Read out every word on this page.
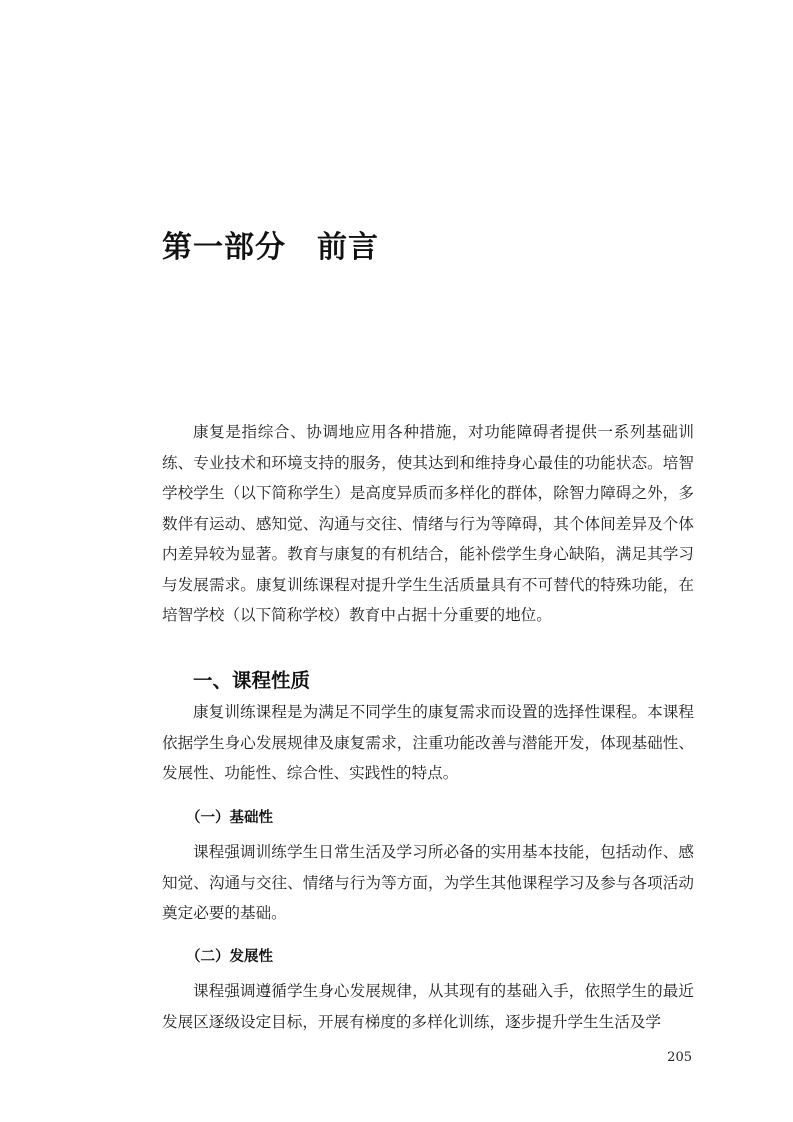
第一部分　前言

康复是指综合、协调地应用各种措施，对功能障碍者提供一系列基础训练、专业技术和环境支持的服务，使其达到和维持身心最佳的功能状态。培智学校学生（以下简称学生）是高度异质而多样化的群体，除智力障碍之外，多数伴有运动、感知觉、沟通与交往、情绪与行为等障碍，其个体间差异及个体内差异较为显著。教育与康复的有机结合，能补偿学生身心缺陷，满足其学习与发展需求。康复训练课程对提升学生生活质量具有不可替代的特殊功能，在培智学校（以下简称学校）教育中占据十分重要的地位。

一、课程性质

康复训练课程是为满足不同学生的康复需求而设置的选择性课程。本课程依据学生身心发展规律及康复需求，注重功能改善与潜能开发，体现基础性、发展性、功能性、综合性、实践性的特点。

（一）基础性

课程强调训练学生日常生活及学习所必备的实用基本技能，包括动作、感知觉、沟通与交往、情绪与行为等方面，为学生其他课程学习及参与各项活动奠定必要的基础。

（二）发展性

课程强调遵循学生身心发展规律，从其现有的基础入手，依照学生的最近发展区逐级设定目标，开展有梯度的多样化训练，逐步提升学生生活及学

205
